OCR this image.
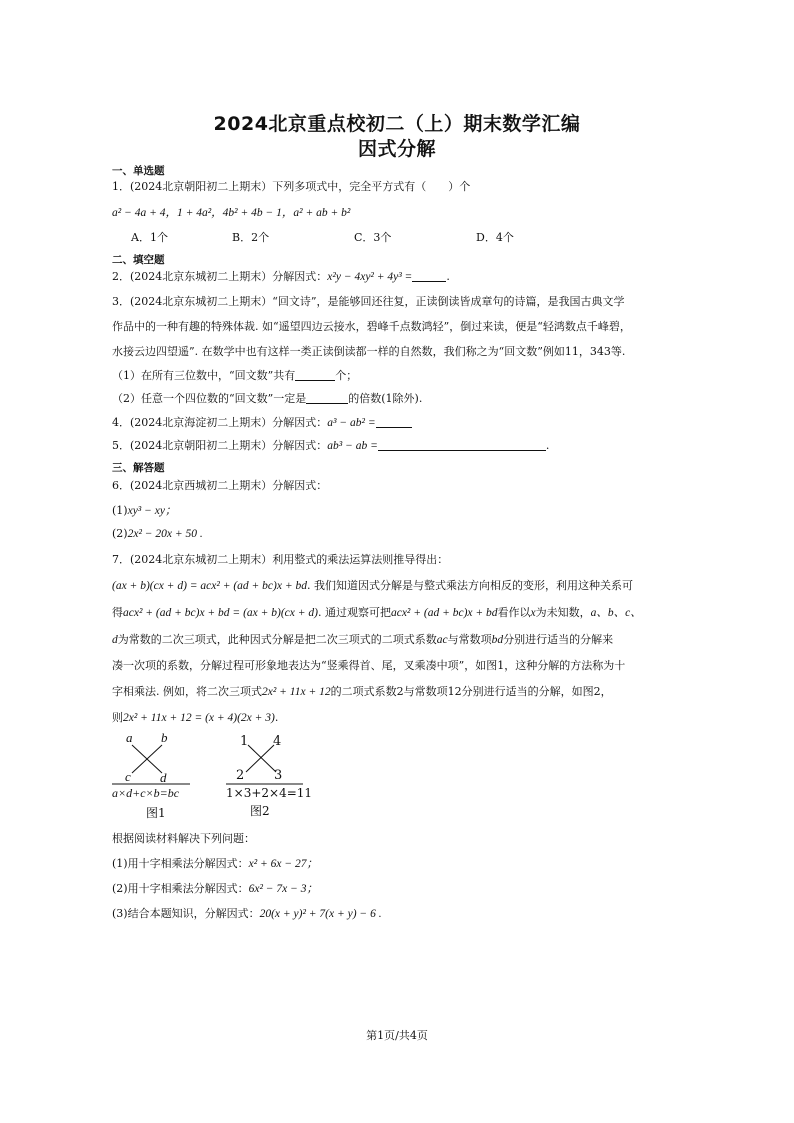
2024北京重点校初二（上）期末数学汇编
因式分解
一、单选题
1．(2024北京朝阳初二上期末）下列多项式中，完全平方式有（　　）个
a² − 4a + 4，1 + 4a²，4b² + 4b − 1，a² + ab + b²
A．1个	B．2个	C．3个	D．4个
二、填空题
2．(2024北京东城初二上期末）分解因式：x²y − 4xy² + 4y³ =	.
3．(2024北京东城初二上期末）“回文诗”，是能够回还往复，正读倒读皆成章句的诗篇，是我国古典文学
作品中的一种有趣的特殊体裁. 如“遥望四边云接水，碧峰千点数鸿轻”，倒过来读，便是“轻鸿数点千峰碧，
水接云边四望遥”. 在数学中也有这样一类正读倒读都一样的自然数，我们称之为“回文数”例如11，343等.
（1）在所有三位数中，“回文数”共有	个；
（2）任意一个四位数的“回文数”一定是	的倍数(1除外).
4．(2024北京海淀初二上期末）分解因式：a³ − ab² =
5．(2024北京朝阳初二上期末）分解因式：ab³ − ab =	.
三、解答题
6．(2024北京西城初二上期末）分解因式：
(1)xy³ − xy；
(2)2x² − 20x + 50 .
7．(2024北京东城初二上期末）利用整式的乘法运算法则推导得出：
(ax + b)(cx + d) = acx² + (ad + bc)x + bd. 我们知道因式分解是与整式乘法方向相反的变形，利用这种关系可
得acx² + (ad + bc)x + bd = (ax + b)(cx + d). 通过观察可把acx² + (ad + bc)x + bd看作以x为未知数，a、b、c、
d为常数的二次三项式，此种因式分解是把二次三项式的二项式系数ac与常数项bd分别进行适当的分解来
凑一次项的系数，分解过程可形象地表达为“竖乘得首、尾，叉乘凑中项”，如图1，这种分解的方法称为十
字相乘法. 例如，将二次三项式2x² + 11x + 12的二项式系数2与常数项12分别进行适当的分解，如图2，
则2x² + 11x + 12 = (x + 4)(2x + 3).
a b
c d
a×d+c×b=bc
图1
1 4
2 3
1×3+2×4=11
图2
根据阅读材料解决下列问题：
(1)用十字相乘法分解因式：x² + 6x − 27；
(2)用十字相乘法分解因式：6x² − 7x − 3；
(3)结合本题知识，分解因式：20(x + y)² + 7(x + y) − 6 .
第1页/共4页
